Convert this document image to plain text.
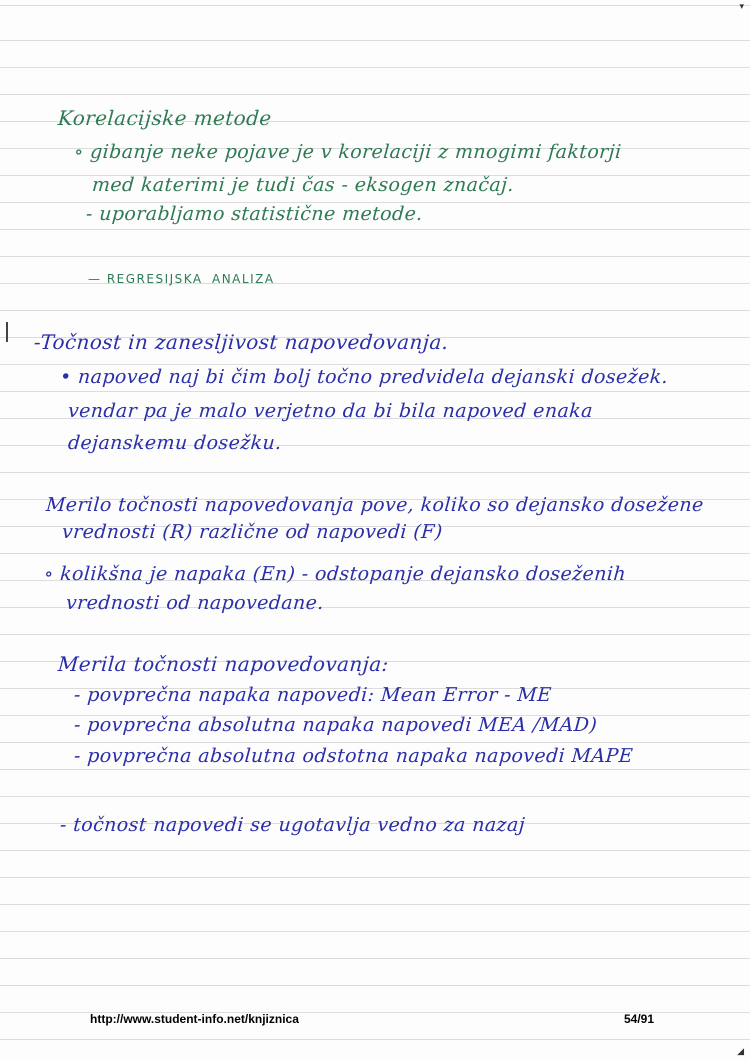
▾
Korelacijske metode
∘ gibanje neke pojave je v korelaciji z mnogimi faktorji
med katerimi je tudi čas - eksogen značaj.
- uporabljamo statistične metode.
— REGRESIJSKA ANALIZA
-Točnost in zanesljivost napovedovanja.
• napoved naj bi čim bolj točno predvidela dejanski dosežek.
vendar pa je malo verjetno da bi bila napoved enaka
dejanskemu dosežku.
Merilo točnosti napovedovanja pove, koliko so dejansko dosežene
vrednosti (R) različne od napovedi (F)
∘ kolikšna je napaka (En) - odstopanje dejansko doseženih
vrednosti od napovedane.
Merila točnosti napovedovanja:
- povprečna napaka napovedi: Mean Error - ME
- povprečna absolutna napaka napovedi MEA /MAD)
- povprečna absolutna odstotna napaka napovedi MAPE
- točnost napovedi se ugotavlja vedno za nazaj
http://www.student-info.net/knjiznica	54/91
◢
